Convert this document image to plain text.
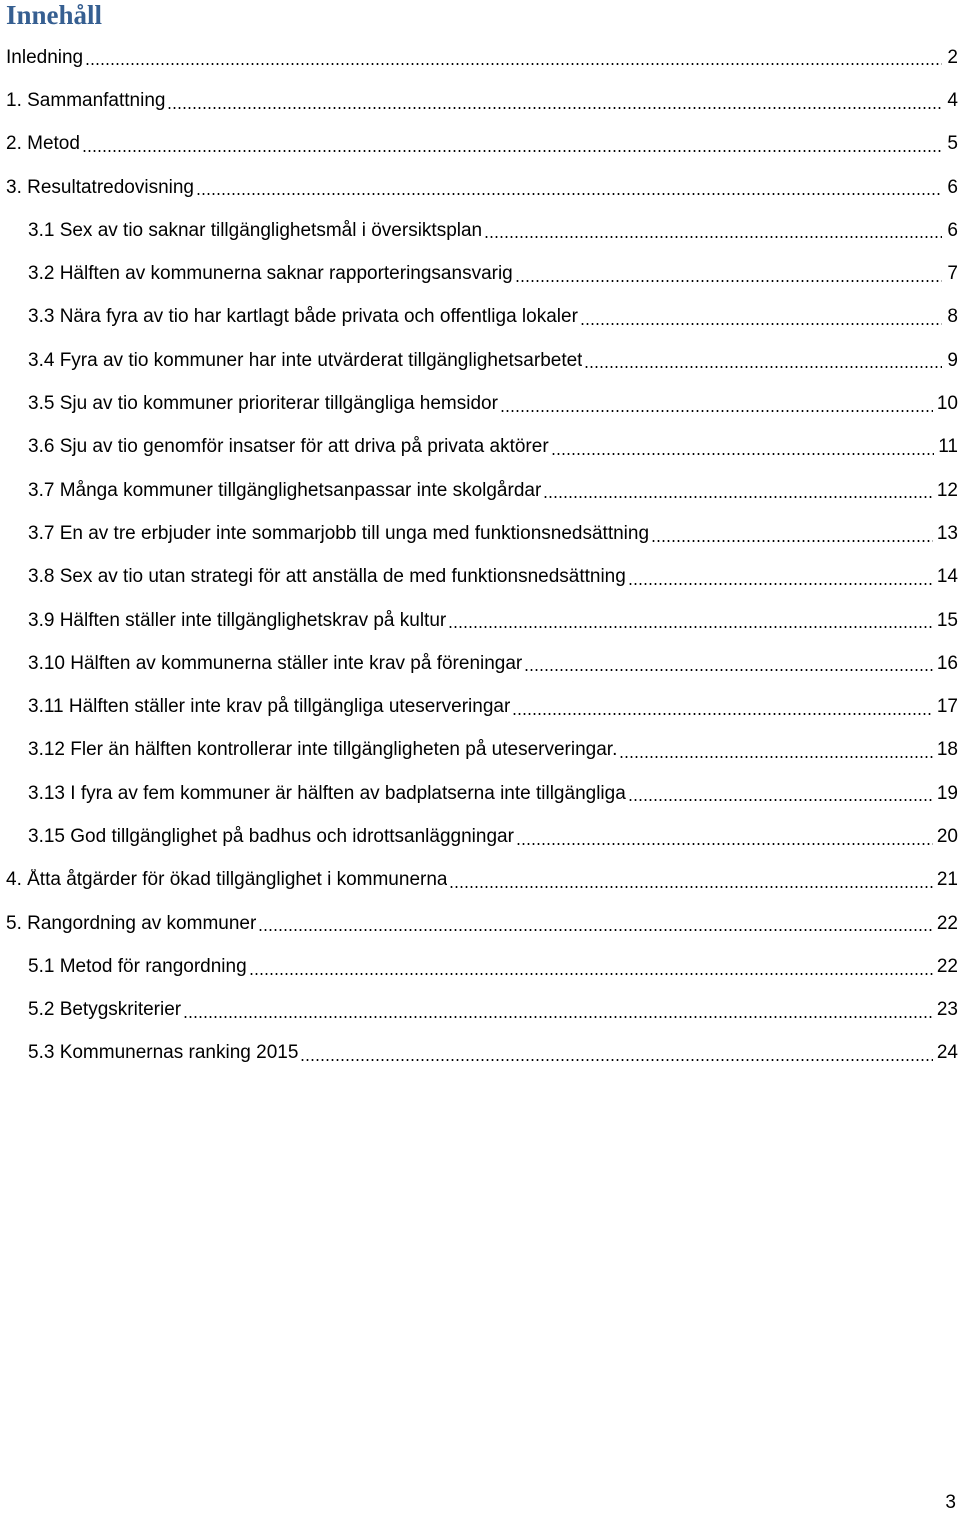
Innehåll
Inledning	2
1. Sammanfattning	4
2. Metod	5
3. Resultatredovisning	6
3.1 Sex av tio saknar tillgänglighetsmål i översiktsplan	6
3.2 Hälften av kommunerna saknar rapporteringsansvarig	7
3.3 Nära fyra av tio har kartlagt både privata och offentliga lokaler	8
3.4 Fyra av tio kommuner har inte utvärderat tillgänglighetsarbetet	9
3.5 Sju av tio kommuner prioriterar tillgängliga hemsidor	10
3.6 Sju av tio genomför insatser för att driva på privata aktörer	11
3.7 Många kommuner tillgänglighetsanpassar inte skolgårdar	12
3.7 En av tre erbjuder inte sommarjobb till unga med funktionsnedsättning	13
3.8 Sex av tio utan strategi för att anställa de med funktionsnedsättning	14
3.9 Hälften ställer inte tillgänglighetskrav på kultur	15
3.10 Hälften av kommunerna ställer inte krav på föreningar	16
3.11 Hälften ställer inte krav på tillgängliga uteserveringar	17
3.12 Fler än hälften kontrollerar inte tillgängligheten på uteserveringar.	18
3.13 I fyra av fem kommuner är hälften av badplatserna inte tillgängliga	19
3.15 God tillgänglighet på badhus och idrottsanläggningar	20
4. Åtta åtgärder för ökad tillgänglighet i kommunerna	21
5. Rangordning av kommuner	22
5.1 Metod för rangordning	22
5.2 Betygskriterier	23
5.3 Kommunernas ranking 2015	24
3
